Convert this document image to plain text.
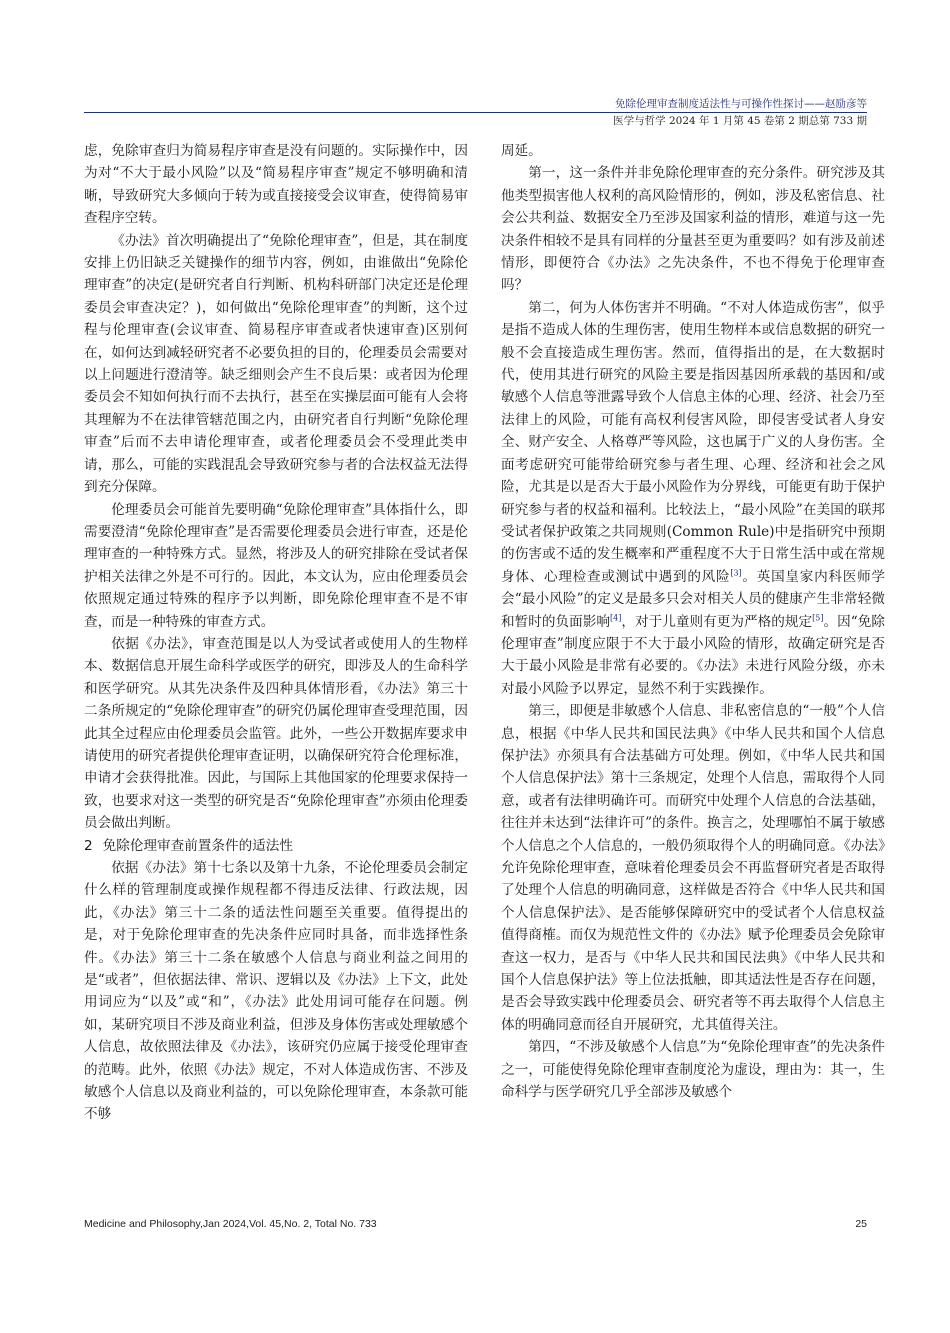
免除伦理审查制度适法性与可操作性探讨——赵励彦等
医学与哲学 2024 年 1 月第 45 卷第 2 期总第 733 期

虑，免除审查归为简易程序审查是没有问题的。实际操作中，因为对“不大于最小风险”以及“简易程序审查”规定不够明确和清晰，导致研究大多倾向于转为或直接接受会议审查，使得简易审查程序空转。

《办法》首次明确提出了“免除伦理审查”，但是，其在制度安排上仍旧缺乏关键操作的细节内容，例如，由谁做出“免除伦理审查”的决定(是研究者自行判断、机构科研部门决定还是伦理委员会审查决定？)，如何做出“免除伦理审查”的判断，这个过程与伦理审查(会议审查、简易程序审查或者快速审查)区别何在，如何达到减轻研究者不必要负担的目的，伦理委员会需要对以上问题进行澄清等。缺乏细则会产生不良后果：或者因为伦理委员会不知如何执行而不去执行，甚至在实操层面可能有人会将其理解为不在法律管辖范围之内，由研究者自行判断“免除伦理审查”后而不去申请伦理审查，或者伦理委员会不受理此类申请，那么，可能的实践混乱会导致研究参与者的合法权益无法得到充分保障。

伦理委员会可能首先要明确“免除伦理审查”具体指什么，即需要澄清“免除伦理审查”是否需要伦理委员会进行审查，还是伦理审查的一种特殊方式。显然，将涉及人的研究排除在受试者保护相关法律之外是不可行的。因此，本文认为，应由伦理委员会依照规定通过特殊的程序予以判断，即免除伦理审查不是不审查，而是一种特殊的审查方式。

依据《办法》，审查范围是以人为受试者或使用人的生物样本、数据信息开展生命科学或医学的研究，即涉及人的生命科学和医学研究。从其先决条件及四种具体情形看，《办法》第三十二条所规定的“免除伦理审查”的研究仍属伦理审查受理范围，因此其全过程应由伦理委员会监管。此外，一些公开数据库要求申请使用的研究者提供伦理审查证明，以确保研究符合伦理标准，申请才会获得批准。因此，与国际上其他国家的伦理要求保持一致，也要求对这一类型的研究是否“免除伦理审查”亦须由伦理委员会做出判断。

2 免除伦理审查前置条件的适法性

依据《办法》第十七条以及第十九条，不论伦理委员会制定什么样的管理制度或操作规程都不得违反法律、行政法规，因此，《办法》第三十二条的适法性问题至关重要。值得提出的是，对于免除伦理审查的先决条件应同时具备，而非选择性条件。《办法》第三十二条在敏感个人信息与商业利益之间用的是“或者”，但依据法律、常识、逻辑以及《办法》上下文，此处用词应为“以及”或“和”，《办法》此处用词可能存在问题。例如，某研究项目不涉及商业利益，但涉及身体伤害或处理敏感个人信息，故依照法律及《办法》，该研究仍应属于接受伦理审查的范畴。此外，依照《办法》规定，不对人体造成伤害、不涉及敏感个人信息以及商业利益的，可以免除伦理审查，本条款可能不够

周延。

第一，这一条件并非免除伦理审查的充分条件。研究涉及其他类型损害他人权利的高风险情形的，例如，涉及私密信息、社会公共利益、数据安全乃至涉及国家利益的情形，难道与这一先决条件相较不是具有同样的分量甚至更为重要吗？如有涉及前述情形，即便符合《办法》之先决条件，不也不得免于伦理审查吗？

第二，何为人体伤害并不明确。“不对人体造成伤害”，似乎是指不造成人体的生理伤害，使用生物样本或信息数据的研究一般不会直接造成生理伤害。然而，值得指出的是，在大数据时代，使用其进行研究的风险主要是指因基因所承载的基因和/或敏感个人信息等泄露导致个人信息主体的心理、经济、社会乃至法律上的风险，可能有高权利侵害风险，即侵害受试者人身安全、财产安全、人格尊严等风险，这也属于广义的人身伤害。全面考虑研究可能带给研究参与者生理、心理、经济和社会之风险，尤其是以是否大于最小风险作为分界线，可能更有助于保护研究参与者的权益和福利。比较法上，“最小风险”在美国的联邦受试者保护政策之共同规则(Common Rule)中是指研究中预期的伤害或不适的发生概率和严重程度不大于日常生活中或在常规身体、心理检查或测试中遇到的风险[3]。英国皇家内科医师学会“最小风险”的定义是最多只会对相关人员的健康产生非常轻微和暂时的负面影响[4]，对于儿童则有更为严格的规定[5]。因“免除伦理审查”制度应限于不大于最小风险的情形，故确定研究是否大于最小风险是非常有必要的。《办法》未进行风险分级，亦未对最小风险予以界定，显然不利于实践操作。

第三，即便是非敏感个人信息、非私密信息的“一般”个人信息，根据《中华人民共和国民法典》《中华人民共和国个人信息保护法》亦须具有合法基础方可处理。例如，《中华人民共和国个人信息保护法》第十三条规定，处理个人信息，需取得个人同意，或者有法律明确许可。而研究中处理个人信息的合法基础，往往并未达到“法律许可”的条件。换言之，处理哪怕不属于敏感个人信息之个人信息的，一般仍须取得个人的明确同意。《办法》允许免除伦理审查，意味着伦理委员会不再监督研究者是否取得了处理个人信息的明确同意，这样做是否符合《中华人民共和国个人信息保护法》、是否能够保障研究中的受试者个人信息权益值得商榷。而仅为规范性文件的《办法》赋予伦理委员会免除审查这一权力，是否与《中华人民共和国民法典》《中华人民共和国个人信息保护法》等上位法抵触，即其适法性是否存在问题，是否会导致实践中伦理委员会、研究者等不再去取得个人信息主体的明确同意而径自开展研究，尤其值得关注。

第四，“不涉及敏感个人信息”为“免除伦理审查”的先决条件之一，可能使得免除伦理审查制度沦为虚设，理由为：其一，生命科学与医学研究几乎全部涉及敏感个

Medicine and Philosophy,Jan 2024,Vol. 45,No. 2, Total No. 733	25
